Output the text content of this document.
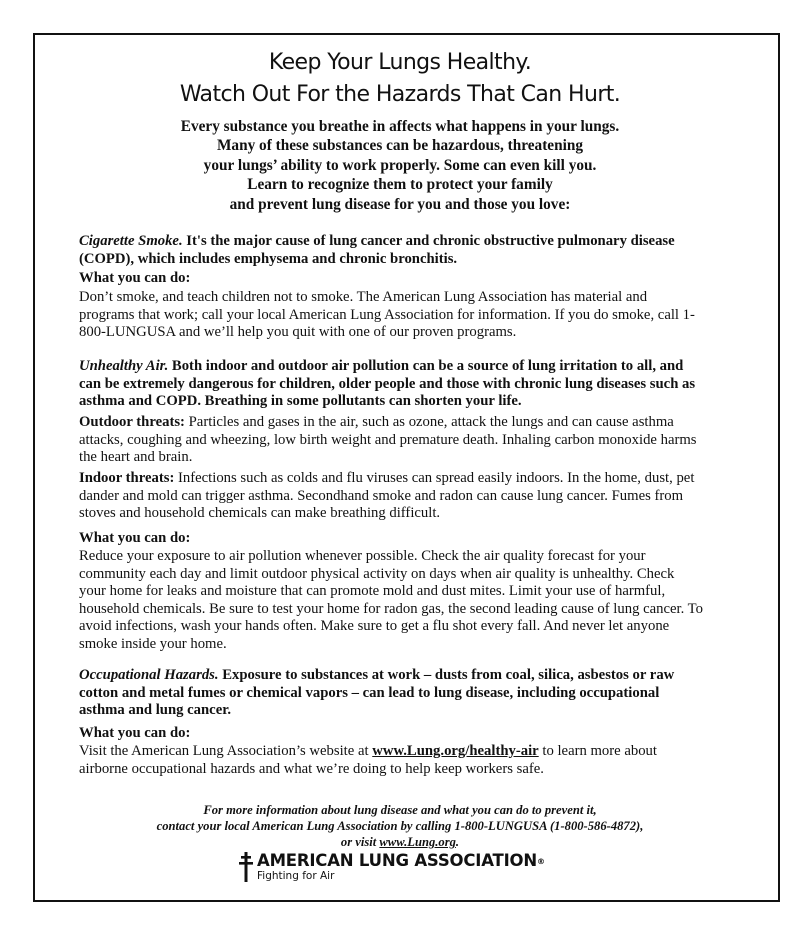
Keep Your Lungs Healthy.
Watch Out For the Hazards That Can Hurt.
Every substance you breathe in affects what happens in your lungs.
Many of these substances can be hazardous, threatening
your lungs’ ability to work properly. Some can even kill you.
Learn to recognize them to protect your family
and prevent lung disease for you and those you love:
Cigarette Smoke. It's the major cause of lung cancer and chronic obstructive pulmonary disease (COPD), which includes emphysema and chronic bronchitis.
What you can do:
Don’t smoke, and teach children not to smoke. The American Lung Association has material and programs that work; call your local American Lung Association for information. If you do smoke, call 1-800-LUNGUSA and we’ll help you quit with one of our proven programs.
Unhealthy Air. Both indoor and outdoor air pollution can be a source of lung irritation to all, and can be extremely dangerous for children, older people and those with chronic lung diseases such as asthma and COPD. Breathing in some pollutants can shorten your life.
Outdoor threats: Particles and gases in the air, such as ozone, attack the lungs and can cause asthma attacks, coughing and wheezing, low birth weight and premature death. Inhaling carbon monoxide harms the heart and brain.
Indoor threats: Infections such as colds and flu viruses can spread easily indoors. In the home, dust, pet dander and mold can trigger asthma. Secondhand smoke and radon can cause lung cancer. Fumes from stoves and household chemicals can make breathing difficult.
What you can do:
Reduce your exposure to air pollution whenever possible. Check the air quality forecast for your community each day and limit outdoor physical activity on days when air quality is unhealthy. Check your home for leaks and moisture that can promote mold and dust mites. Limit your use of harmful, household chemicals. Be sure to test your home for radon gas, the second leading cause of lung cancer. To avoid infections, wash your hands often. Make sure to get a flu shot every fall. And never let anyone smoke inside your home.
Occupational Hazards. Exposure to substances at work – dusts from coal, silica, asbestos or raw cotton and metal fumes or chemical vapors – can lead to lung disease, including occupational asthma and lung cancer.
What you can do:
Visit the American Lung Association’s website at www.Lung.org/healthy-air to learn more about airborne occupational hazards and what we’re doing to help keep workers safe.
For more information about lung disease and what you can do to prevent it,
contact your local American Lung Association by calling 1-800-LUNGUSA (1-800-586-4872),
or visit www.Lung.org.
AMERICAN LUNG ASSOCIATION®
Fighting for Air
